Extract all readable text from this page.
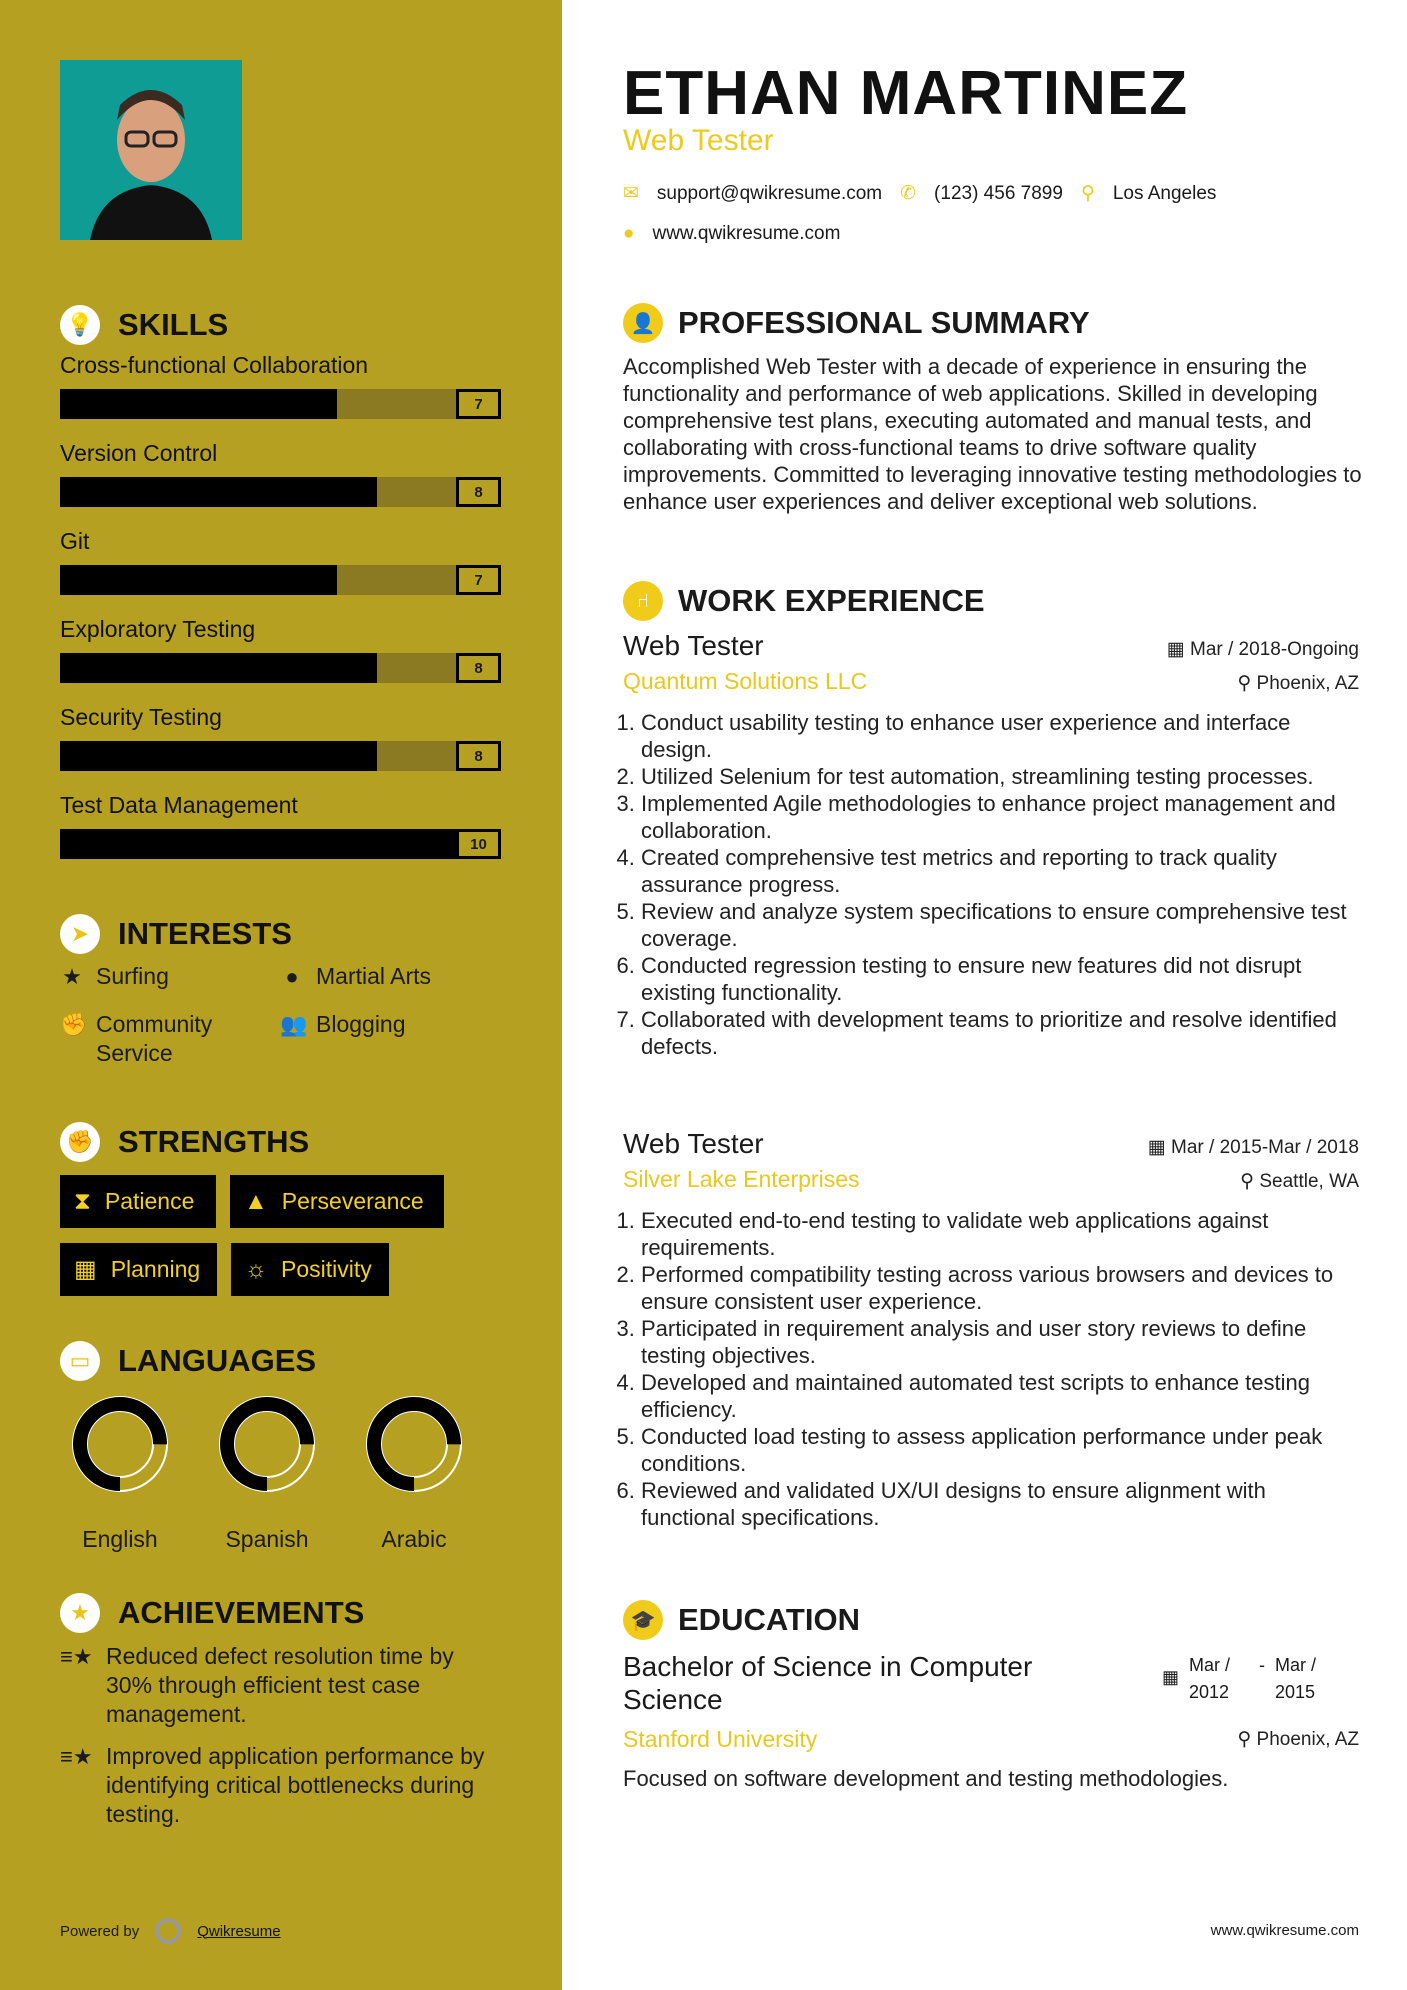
💡 SKILLS
Cross-functional Collaboration
7
Version Control
8
Git
7
Exploratory Testing
8
Security Testing
8
Test Data Management
10
➤ INTERESTS
★ Surfing	● Martial Arts
✊ Community Service
👥 Blogging
✊ STRENGTHS
⧗ Patience ▲ Perseverance
▦ Planning ☼ Positivity
▭ LANGUAGES
English	Spanish	Arabic
★ ACHIEVEMENTS
≡★ Reduced defect resolution time by 30% through efficient test case management.
≡★ Improved application performance by identifying critical bottlenecks during testing.
Powered by	Qwikresume
ETHAN MARTINEZ
Web Tester
✉ support@qwikresume.com ✆ (123) 456 7899 ⚲ Los Angeles
● www.qwikresume.com
👤 PROFESSIONAL SUMMARY
Accomplished Web Tester with a decade of experience in ensuring the functionality and performance of web applications. Skilled in developing comprehensive test plans, executing automated and manual tests, and collaborating with cross-functional teams to drive software quality improvements. Committed to leveraging innovative testing methodologies to enhance user experiences and deliver exceptional web solutions.
⑁ WORK EXPERIENCE
Web Tester	▦ Mar / 2018-Ongoing
Quantum Solutions LLC	⚲ Phoenix, AZ
1. Conduct usability testing to enhance user experience and interface design.
2. Utilized Selenium for test automation, streamlining testing processes.
3. Implemented Agile methodologies to enhance project management and collaboration.
4. Created comprehensive test metrics and reporting to track quality assurance progress.
5. Review and analyze system specifications to ensure comprehensive test coverage.
6. Conducted regression testing to ensure new features did not disrupt existing functionality.
7. Collaborated with development teams to prioritize and resolve identified defects.
Web Tester	▦ Mar / 2015-Mar / 2018
Silver Lake Enterprises	⚲ Seattle, WA
1. Executed end-to-end testing to validate web applications against requirements.
2. Performed compatibility testing across various browsers and devices to ensure consistent user experience.
3. Participated in requirement analysis and user story reviews to define testing objectives.
4. Developed and maintained automated test scripts to enhance testing efficiency.
5. Conducted load testing to assess application performance under peak conditions.
6. Reviewed and validated UX/UI designs to ensure alignment with functional specifications.
🎓 EDUCATION
Bachelor of Science in Computer Science
▦
Mar / 2012
- Mar / 2015
Stanford University	⚲ Phoenix, AZ
Focused on software development and testing methodologies.
www.qwikresume.com
